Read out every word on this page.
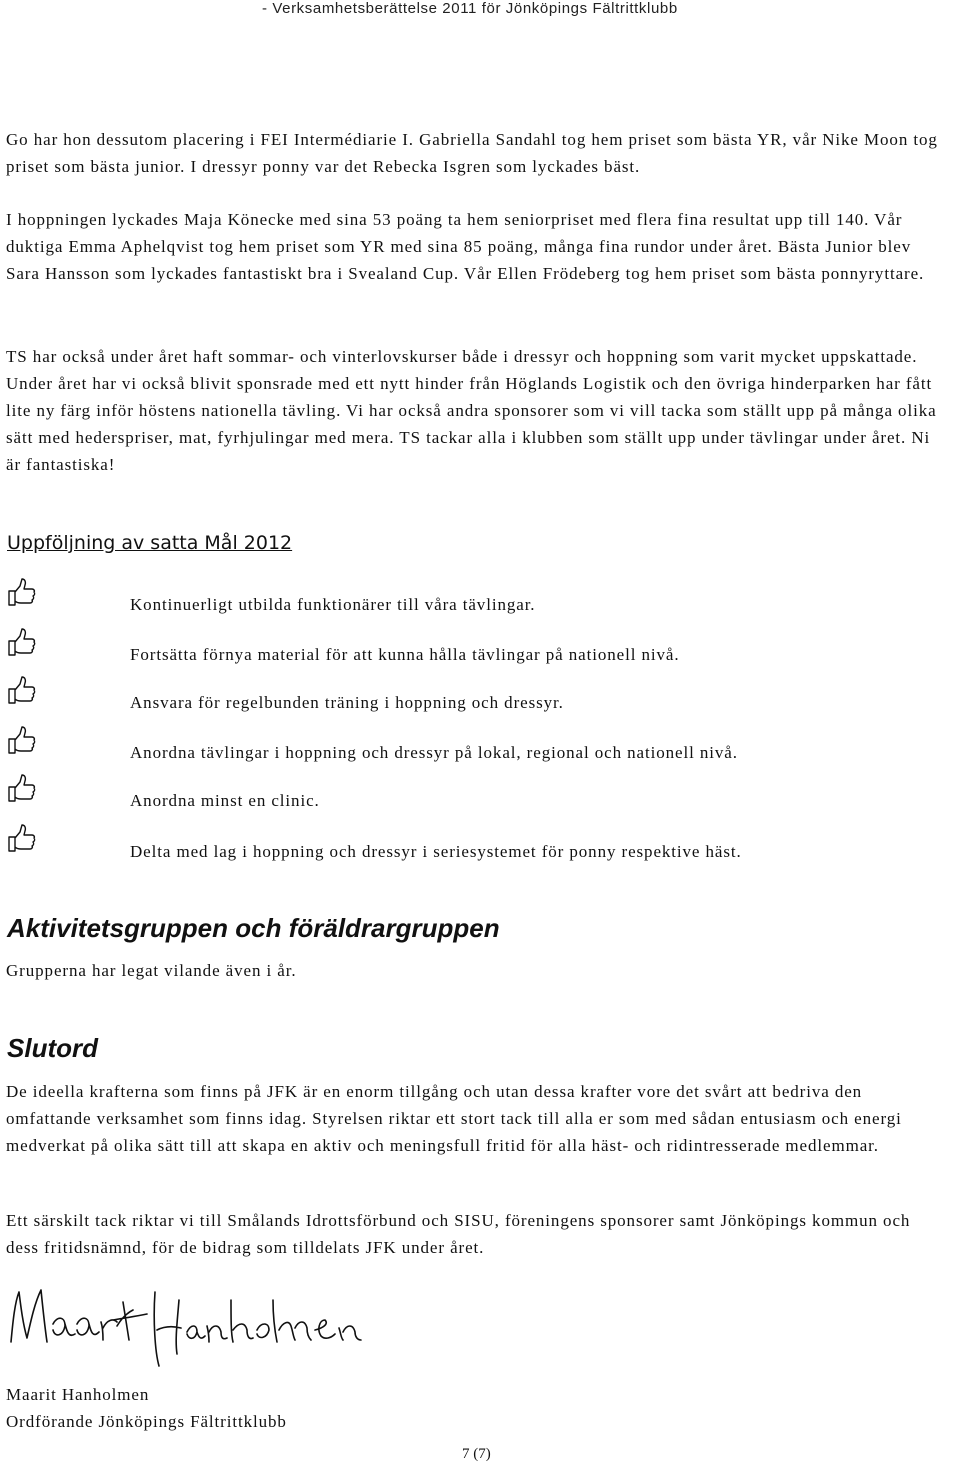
- Verksamhetsberättelse 2011 för Jönköpings Fältrittklubb

Go har hon dessutom placering i FEI Intermédiarie I. Gabriella Sandahl tog hem priset som bästa YR, vår Nike Moon tog priset som bästa junior. I dressyr ponny var det Rebecka Isgren som lyckades bäst.

I hoppningen lyckades Maja Könecke med sina 53 poäng ta hem seniorpriset med flera fina resultat upp till 140. Vår duktiga Emma Aphelqvist tog hem priset som YR med sina 85 poäng, många fina rundor under året. Bästa Junior blev Sara Hansson som lyckades fantastiskt bra i Svealand Cup. Vår Ellen Frödeberg tog hem priset som bästa ponnyryttare.

TS har också under året haft sommar- och vinterlovskurser både i dressyr och hoppning som varit mycket uppskattade. Under året har vi också blivit sponsrade med ett nytt hinder från Höglands Logistik och den övriga hinderparken har fått lite ny färg inför höstens nationella tävling. Vi har också andra sponsorer som vi vill tacka som ställt upp på många olika sätt med hederspriser, mat, fyrhjulingar med mera. TS tackar alla i klubben som ställt upp under tävlingar under året. Ni är fantastiska!

Uppföljning av satta Mål 2012
Kontinuerligt utbilda funktionärer till våra tävlingar.
Fortsätta förnya material för att kunna hålla tävlingar på nationell nivå.
Ansvara för regelbunden träning i hoppning och dressyr.
Anordna tävlingar i hoppning och dressyr på lokal, regional och nationell nivå.
Anordna minst en clinic.
Delta med lag i hoppning och dressyr i seriesystemet för ponny respektive häst.
Aktivitetsgruppen och föräldrargruppen

Grupperna har legat vilande även i år.

Slutord

De ideella krafterna som finns på JFK är en enorm tillgång och utan dessa krafter vore det svårt att bedriva den omfattande verksamhet som finns idag. Styrelsen riktar ett stort tack till alla er som med sådan entusiasm och energi medverkat på olika sätt till att skapa en aktiv och meningsfull fritid för alla häst- och ridintresserade medlemmar.

Ett särskilt tack riktar vi till Smålands Idrottsförbund och SISU, föreningens sponsorer samt Jönköpings kommun och dess fritidsnämnd, för de bidrag som tilldelats JFK under året.

Maarit Hanholmen
Ordförande Jönköpings Fältrittklubb
7 (7)
